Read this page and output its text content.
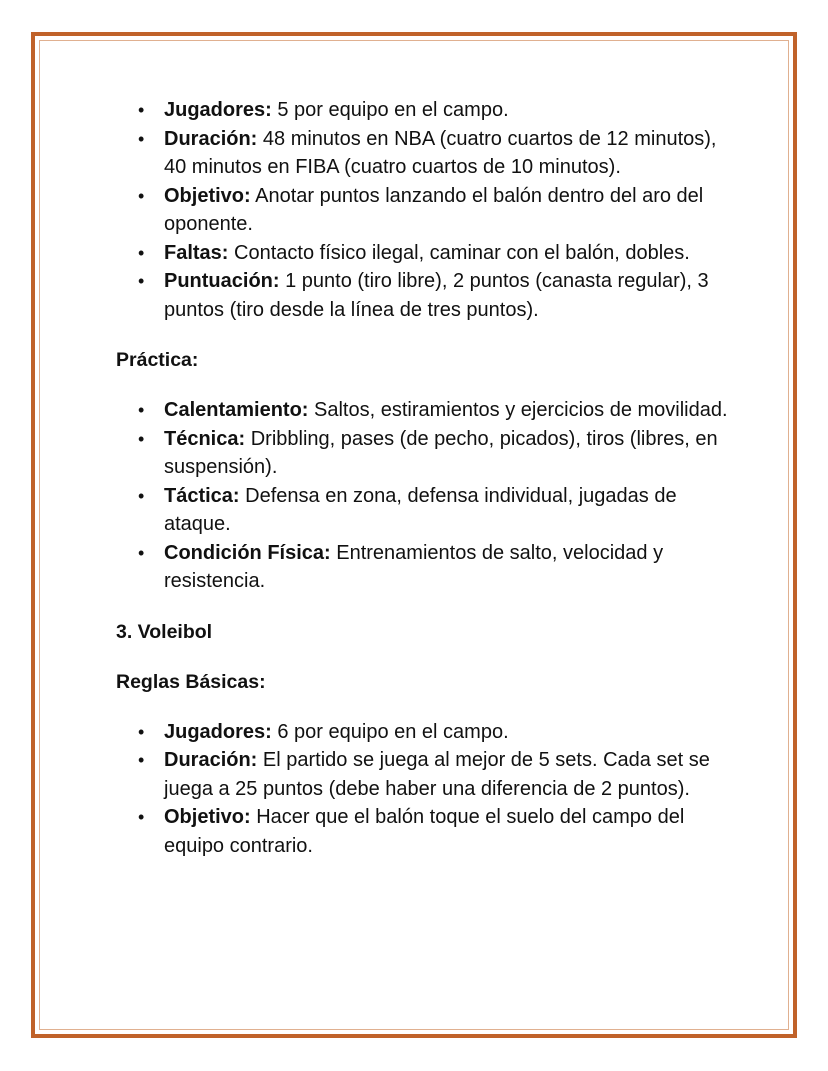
• Jugadores: 5 por equipo en el campo.
• Duración: 48 minutos en NBA (cuatro cuartos de 12 minutos), 40 minutos en FIBA (cuatro cuartos de 10 minutos).
• Objetivo: Anotar puntos lanzando el balón dentro del aro del oponente.
• Faltas: Contacto físico ilegal, caminar con el balón, dobles.
• Puntuación: 1 punto (tiro libre), 2 puntos (canasta regular), 3 puntos (tiro desde la línea de tres puntos).
Práctica:
• Calentamiento: Saltos, estiramientos y ejercicios de movilidad.
• Técnica: Dribbling, pases (de pecho, picados), tiros (libres, en suspensión).
• Táctica: Defensa en zona, defensa individual, jugadas de ataque.
• Condición Física: Entrenamientos de salto, velocidad y resistencia.
3. Voleibol
Reglas Básicas:
• Jugadores: 6 por equipo en el campo.
• Duración: El partido se juega al mejor de 5 sets. Cada set se juega a 25 puntos (debe haber una diferencia de 2 puntos).
• Objetivo: Hacer que el balón toque el suelo del campo del equipo contrario.
